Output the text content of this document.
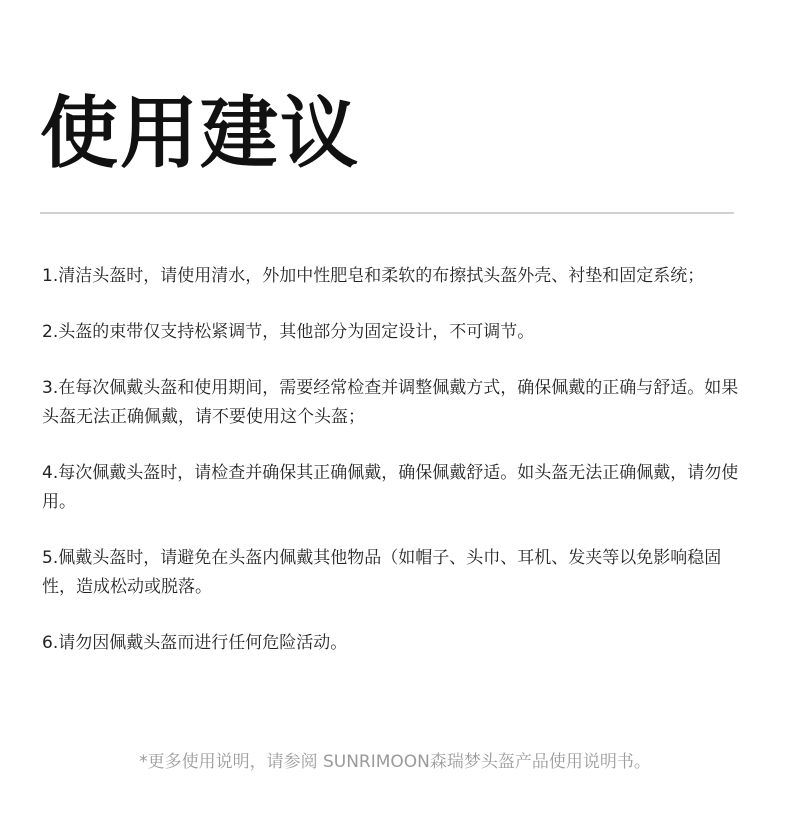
使用建议
1.清洁头盔时，请使用清水，外加中性肥皂和柔软的布擦拭头盔外壳、衬垫和固定系统；
2.头盔的束带仅支持松紧调节，其他部分为固定设计，不可调节。
3.在每次佩戴头盔和使用期间，需要经常检查并调整佩戴方式，确保佩戴的正确与舒适。如果头盔无法正确佩戴，请不要使用这个头盔；
4.每次佩戴头盔时，请检查并确保其正确佩戴，确保佩戴舒适。如头盔无法正确佩戴，请勿使用。
5.佩戴头盔时，请避免在头盔内佩戴其他物品（如帽子、头巾、耳机、发夹等以免影响稳固性，造成松动或脱落。
6.请勿因佩戴头盔而进行任何危险活动。

*更多使用说明，请参阅 SUNRIMOON森瑞梦头盔产品使用说明书。
